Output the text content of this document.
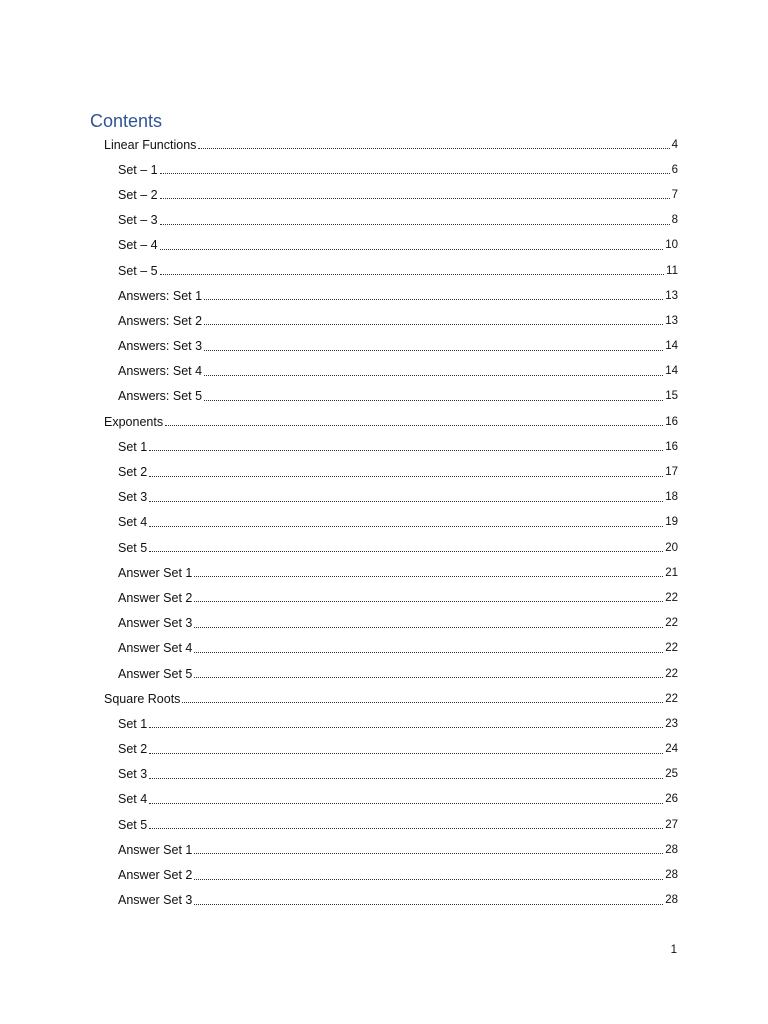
Contents
Linear Functions	4
Set – 1	6
Set – 2	7
Set – 3	8
Set – 4	10
Set – 5	11
Answers: Set 1	13
Answers: Set 2	13
Answers: Set 3	14
Answers: Set 4	14
Answers: Set 5	15
Exponents	16
Set 1	16
Set 2	17
Set 3	18
Set 4	19
Set 5	20
Answer Set 1	21
Answer Set 2	22
Answer Set 3	22
Answer Set 4	22
Answer Set 5	22
Square Roots	22
Set 1	23
Set 2	24
Set 3	25
Set 4	26
Set 5	27
Answer Set 1	28
Answer Set 2	28
Answer Set 3	28
1
